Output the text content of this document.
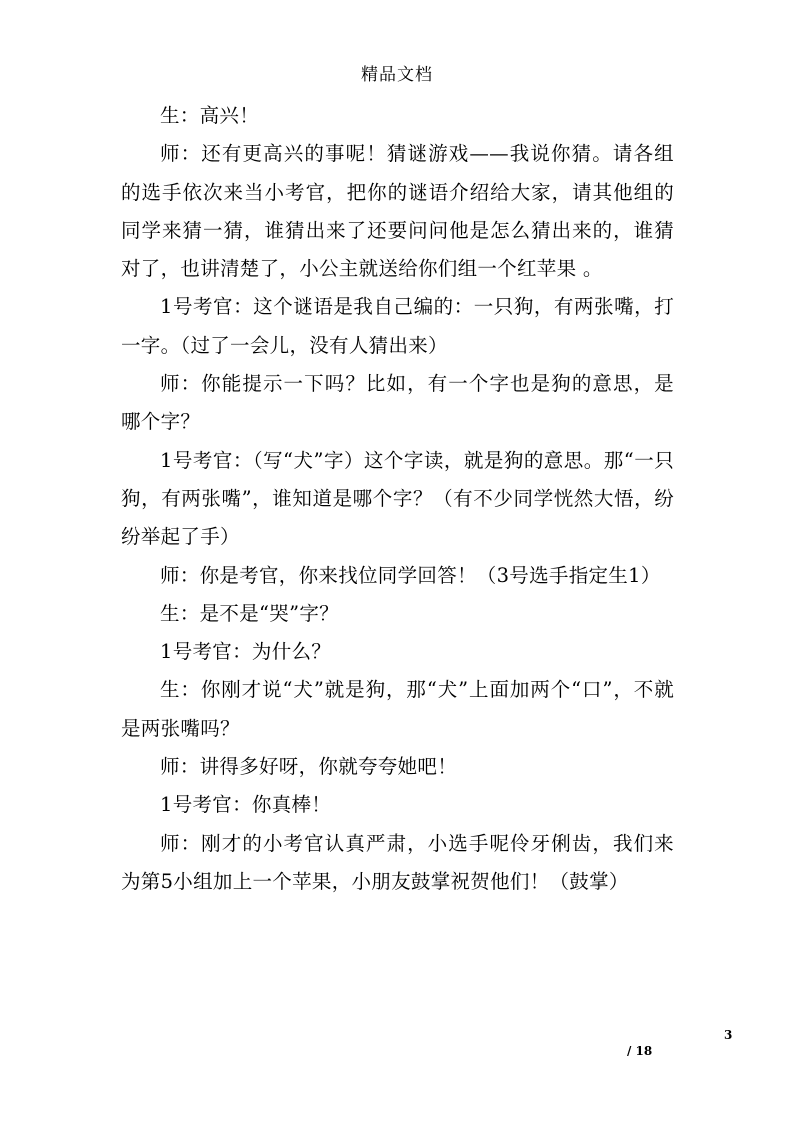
精品文档

生：高兴！

师：还有更高兴的事呢！猜谜游戏——我说你猜。请各组的选手依次来当小考官，把你的谜语介绍给大家，请其他组的同学来猜一猜，谁猜出来了还要问问他是怎么猜出来的，谁猜对了，也讲清楚了，小公主就送给你们组一个红苹果 。

1号考官：这个谜语是我自己编的：一只狗，有两张嘴，打一字。（过了一会儿，没有人猜出来）

师：你能提示一下吗？比如，有一个字也是狗的意思，是哪个字？

1号考官：（写“犬”字）这个字读，就是狗的意思。那“一只狗，有两张嘴”，谁知道是哪个字？（有不少同学恍然大悟，纷纷举起了手）

师：你是考官，你来找位同学回答！（3号选手指定生1）

生：是不是“哭”字？

1号考官：为什么？

生：你刚才说“犬”就是狗，那“犬”上面加两个“口”，不就是两张嘴吗？

师：讲得多好呀，你就夸夸她吧！

1号考官：你真棒！

师：刚才的小考官认真严肃，小选手呢伶牙俐齿，我们来为第5小组加上一个苹果，小朋友鼓掌祝贺他们！（鼓掌）

3
/ 18
